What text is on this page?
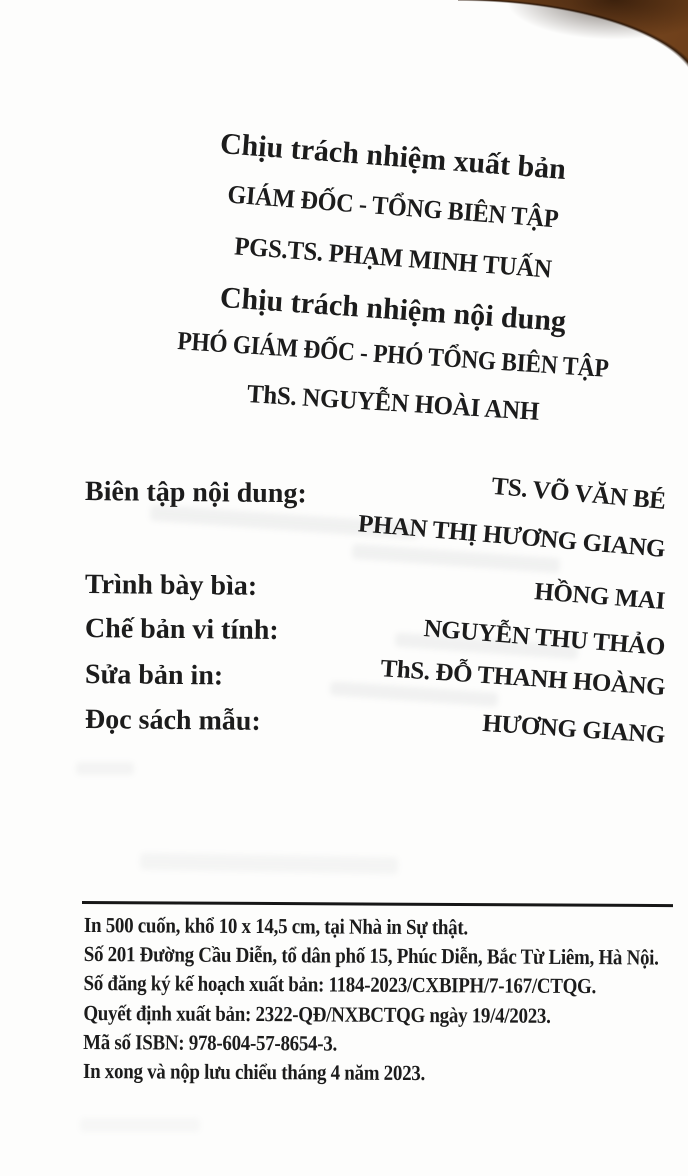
Chịu trách nhiệm xuất bản
GIÁM ĐỐC - TỔNG BIÊN TẬP
PGS.TS. PHẠM MINH TUẤN
Chịu trách nhiệm nội dung
PHÓ GIÁM ĐỐC - PHÓ TỔNG BIÊN TẬP
ThS. NGUYỄN HOÀI ANH
Biên tập nội dung:
Trình bày bìa:
Chế bản vi tính:
Sửa bản in:
Đọc sách mẫu:
TS. VÕ VĂN BÉ
PHAN THỊ HƯƠNG GIANG
HỒNG MAI
NGUYỄN THU THẢO
ThS. ĐỖ THANH HOÀNG
HƯƠNG GIANG
In 500 cuốn, khổ 10 x 14,5 cm, tại Nhà in Sự thật.
Số 201 Đường Cầu Diễn, tổ dân phố 15, Phúc Diễn, Bắc Từ Liêm, Hà Nội.
Số đăng ký kế hoạch xuất bản: 1184-2023/CXBIPH/7-167/CTQG.
Quyết định xuất bản: 2322-QĐ/NXBCTQG ngày 19/4/2023.
Mã số ISBN: 978-604-57-8654-3.
In xong và nộp lưu chiểu tháng 4 năm 2023.
